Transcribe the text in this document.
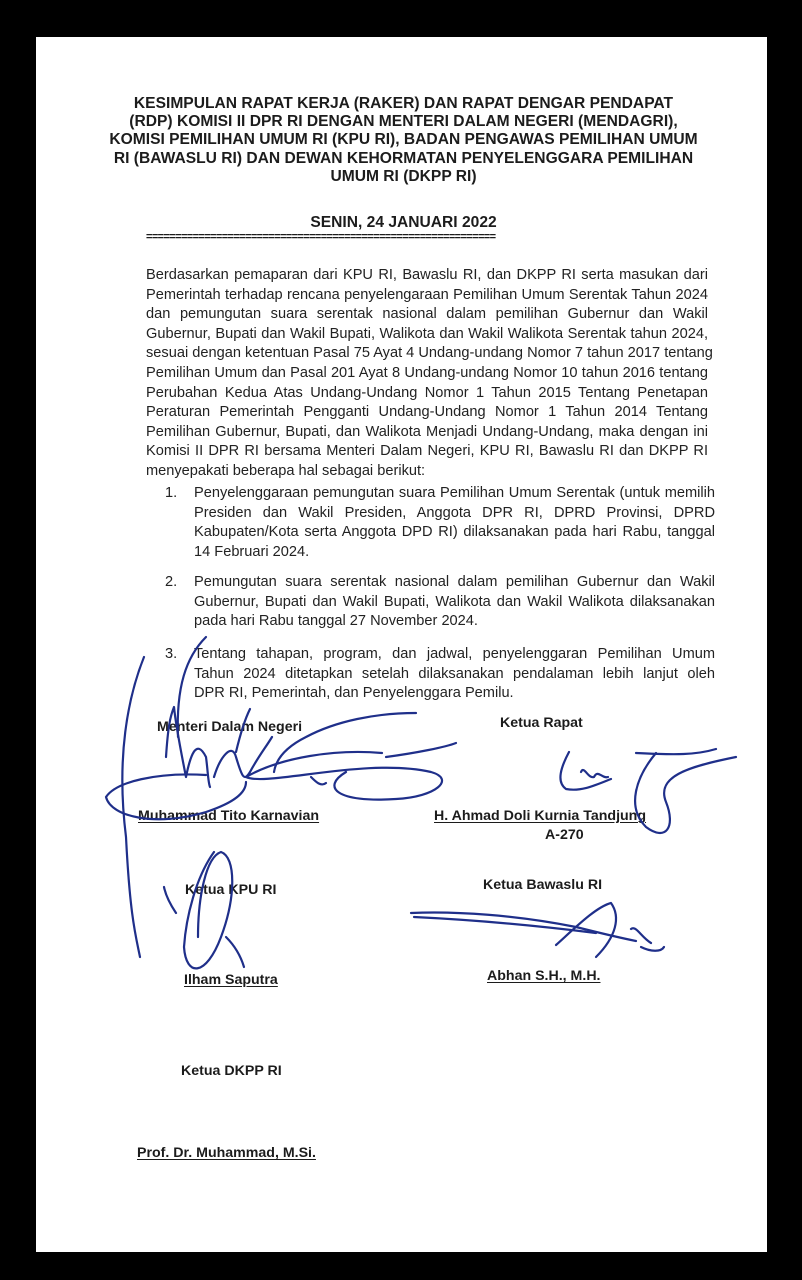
KESIMPULAN RAPAT KERJA (RAKER) DAN RAPAT DENGAR PENDAPAT
(RDP) KOMISI II DPR RI DENGAN MENTERI DALAM NEGERI (MENDAGRI),
KOMISI PEMILIHAN UMUM RI (KPU RI), BADAN PENGAWAS PEMILIHAN UMUM
RI (BAWASLU RI) DAN DEWAN KEHORMATAN PENYELENGGARA PEMILIHAN
UMUM RI (DKPP RI)
SENIN, 24 JANUARI 2022
============================================================
Berdasarkan pemaparan dari KPU RI, Bawaslu RI, dan DKPP RI serta masukan dari
Pemerintah terhadap rencana penyelengaraan Pemilihan Umum Serentak Tahun 2024
dan pemungutan suara serentak nasional dalam pemilihan Gubernur dan Wakil
Gubernur, Bupati dan Wakil Bupati, Walikota dan Wakil Walikota Serentak tahun 2024,
sesuai dengan ketentuan Pasal 75 Ayat 4 Undang-undang Nomor 7 tahun 2017 tentang
Pemilihan Umum dan Pasal 201 Ayat 8 Undang-undang Nomor 10 tahun 2016 tentang
Perubahan Kedua Atas Undang-Undang Nomor 1 Tahun 2015 Tentang Penetapan
Peraturan Pemerintah Pengganti Undang-Undang Nomor 1 Tahun 2014 Tentang
Pemilihan Gubernur, Bupati, dan Walikota Menjadi Undang-Undang, maka dengan ini
Komisi II DPR RI bersama Menteri Dalam Negeri, KPU RI, Bawaslu RI dan DKPP RI
menyepakati beberapa hal sebagai berikut:
1. Penyelenggaraan pemungutan suara Pemilihan Umum Serentak (untuk memilih
Presiden dan Wakil Presiden, Anggota DPR RI, DPRD Provinsi, DPRD
Kabupaten/Kota serta Anggota DPD RI) dilaksanakan pada hari Rabu, tanggal
14 Februari 2024.
2. Pemungutan suara serentak nasional dalam pemilihan Gubernur dan Wakil
Gubernur, Bupati dan Wakil Bupati, Walikota dan Wakil Walikota dilaksanakan
pada hari Rabu tanggal 27 November 2024.
3. Tentang tahapan, program, dan jadwal, penyelenggaran Pemilihan Umum
Tahun 2024 ditetapkan setelah dilaksanakan pendalaman lebih lanjut oleh
DPR RI, Pemerintah, dan Penyelenggara Pemilu.
Menteri Dalam Negeri
Muhammad Tito Karnavian
Ketua Rapat
H. Ahmad Doli Kurnia Tandjung
A-270
Ketua KPU RI
Ilham Saputra
Ketua Bawaslu RI
Abhan S.H., M.H.
Ketua DKPP RI
Prof. Dr. Muhammad, M.Si.
